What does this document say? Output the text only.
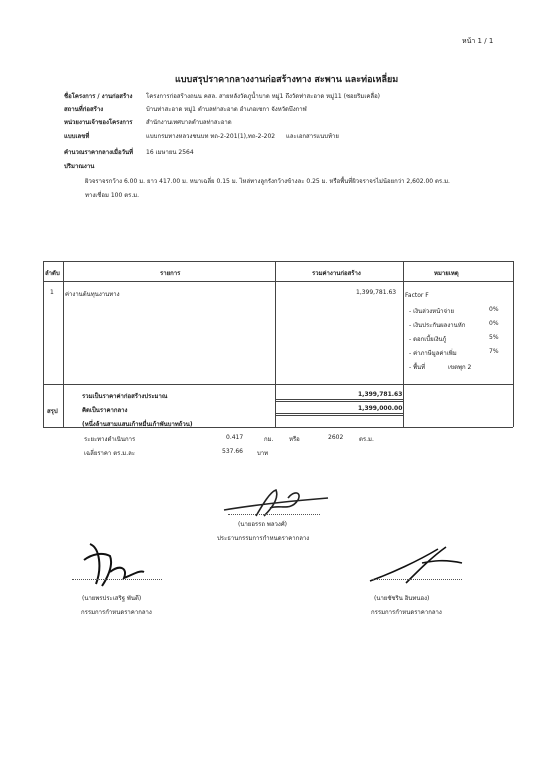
หน้า 1 / 1
แบบสรุปราคากลางงานก่อสร้างทาง สะพาน และท่อเหลี่ยม
ชื่อโครงการ / งานก่อสร้าง โครงการก่อสร้างถนน คสล. สายหลังวัดภูน้ำบาด หมู่1 ถึงวัดท่าสะอาด หมู่11 (ซอยริมเคลื่อ)
สถานที่ก่อสร้าง	บ้านท่าสะอาด หมู่1 ตำบลท่าสะอาด อำเภอเซกา จังหวัดบึงกาฬ
หน่วยงานเจ้าของโครงการ สำนักงานเทศบาลตำบลท่าสะอาด
แบบเลขที่	แบบกรมทางหลวงชนบท ทถ-2-201(1),ทถ-2-202 และเอกสารแนบท้าย
คำนวณราคากลางเมื่อวันที่ 16 เมษายน 2564
ปริมาณงาน
ผิวจราจรกว้าง 6.00 ม. ยาว 417.00 ม. หนาเฉลี่ย 0.15 ม. ไหล่ทางลูกรังกว้างข้างละ 0.25 ม. หรือพื้นที่ผิวจราจรไม่น้อยกว่า 2,602.00 ตร.ม.
ทางเชื่อม 100 ตร.ม.
ลำดับ	รายการ	รวมค่างานก่อสร้าง	หมายเหตุ
1 ค่างานต้นทุนงานทาง	1,399,781.63 Factor F
- เงินล่วงหน้าจ่าย	0%
- เงินประกันผลงานหัก	0%
- ดอกเบี้ยเงินกู้	5%
- ค่าภาษีมูลค่าเพิ่ม	7%
- พื้นที่	เขตพุก 2
สรุป
รวมเป็นราคาค่าก่อสร้างประมาณ	1,399,781.63
คิดเป็นราคากลาง	1,399,000.00
(หนึ่งล้านสามแสนเก้าหมื่นเก้าพันบาทถ้วน)
ระยะทางดำเนินการ	0.417	กม.	หรือ	2602	ตร.ม.
เฉลี่ยราคา ตร.ม.ละ	537.66 บาท
(นายอรรถ พลวงศ์)
ประธานกรรมการกำหนดราคากลาง
(นายพรประเสริฐ พันดี)
กรรมการกำหนดราคากลาง
(นายชัชริน อินทนอง)
กรรมการกำหนดราคากลาง
